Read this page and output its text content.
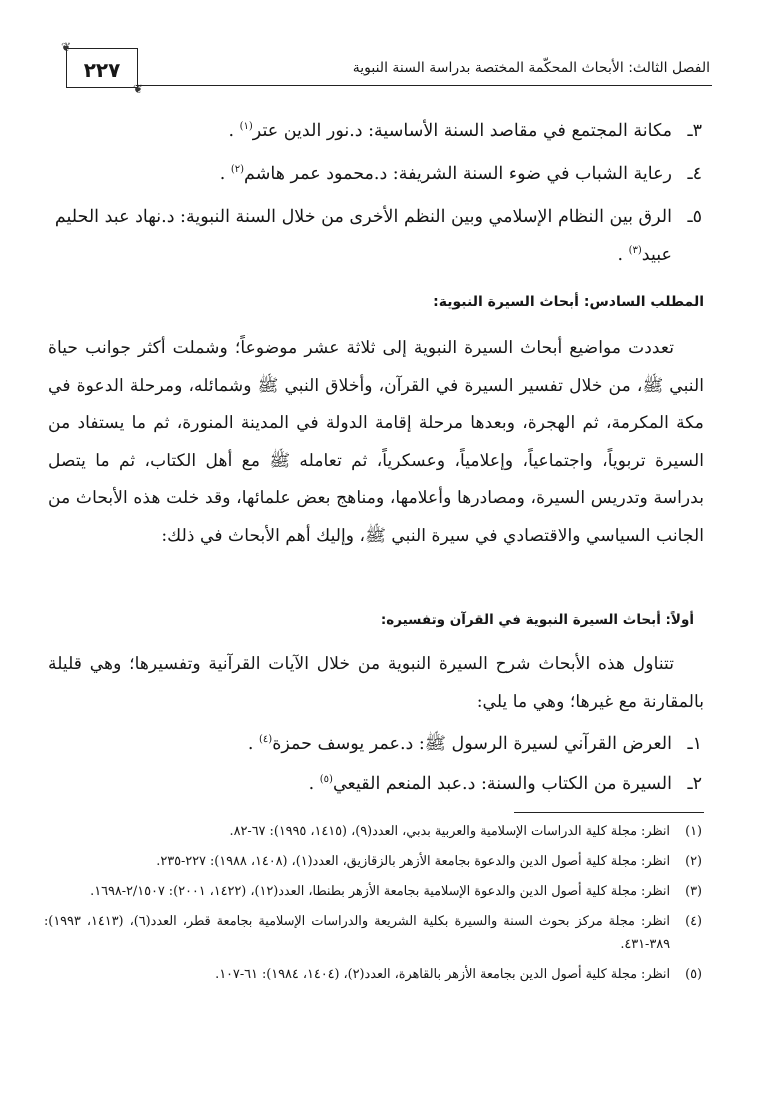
❦
❦
٢٢٧	الفصل الثالث: الأبحاث المحكّمة المختصة بدراسة السنة النبوية
٣ـ
مكانة المجتمع في مقاصد السنة الأساسية: د.نور الدين عتر$^{(١)}$ .
٤ـ
رعاية الشباب في ضوء السنة الشريفة: د.محمود عمر هاشم$^{(٢)}$ .
٥ـ
الرق بين النظام الإسلامي وبين النظم الأخرى من خلال السنة النبوية: د.نهاد عبد الحليم عبيد$^{(٣)}$ .
المطلب السادس: أبحاث السيرة النبوية:
تعددت مواضيع أبحاث السيرة النبوية إلى ثلاثة عشر موضوعاً؛ وشملت أكثر جوانب حياة النبي ﷺ، من خلال تفسير السيرة في القرآن، وأخلاق النبي ﷺ وشمائله، ومرحلة الدعوة في مكة المكرمة، ثم الهجرة، وبعدها مرحلة إقامة الدولة في المدينة المنورة، ثم ما يستفاد من السيرة تربوياً، واجتماعياً، وإعلامياً، وعسكرياً، ثم تعامله ﷺ مع أهل الكتاب، ثم ما يتصل بدراسة وتدريس السيرة، ومصادرها وأعلامها، ومناهج بعض علمائها، وقد خلت هذه الأبحاث من الجانب السياسي والاقتصادي في سيرة النبي ﷺ، وإليك أهم الأبحاث في ذلك:
أولاً: أبحاث السيرة النبوية في القرآن وتفسيره:
تتناول هذه الأبحاث شرح السيرة النبوية من خلال الآيات القرآنية وتفسيرها؛ وهي قليلة بالمقارنة مع غيرها؛ وهي ما يلي:
١ـ
العرض القرآني لسيرة الرسول ﷺ: د.عمر يوسف حمزة$^{(٤)}$ .
٢ـ
السيرة من الكتاب والسنة: د.عبد المنعم القيعي$^{(٥)}$ .
(١)
انظر: مجلة كلية الدراسات الإسلامية والعربية بدبي، العدد(٩)، (١٤١٥، ١٩٩٥): ٦٧-٨٢.
(٢)
انظر: مجلة كلية أصول الدين والدعوة بجامعة الأزهر بالزقازيق، العدد(١)، (١٤٠٨، ١٩٨٨): ٢٢٧-٢٣٥.
(٣)
انظر: مجلة كلية أصول الدين والدعوة الإسلامية بجامعة الأزهر بطنطا، العدد(١٢)، (١٤٢٢، ٢٠٠١): ٢/١٥٠٧-١٦٩٨.
(٤)
انظر: مجلة مركز بحوث السنة والسيرة بكلية الشريعة والدراسات الإسلامية بجامعة قطر، العدد(٦)، (١٤١٣، ١٩٩٣): ٣٨٩-٤٣١.
(٥)
انظر: مجلة كلية أصول الدين بجامعة الأزهر بالقاهرة، العدد(٢)، (١٤٠٤، ١٩٨٤): ٦١-١٠٧.
